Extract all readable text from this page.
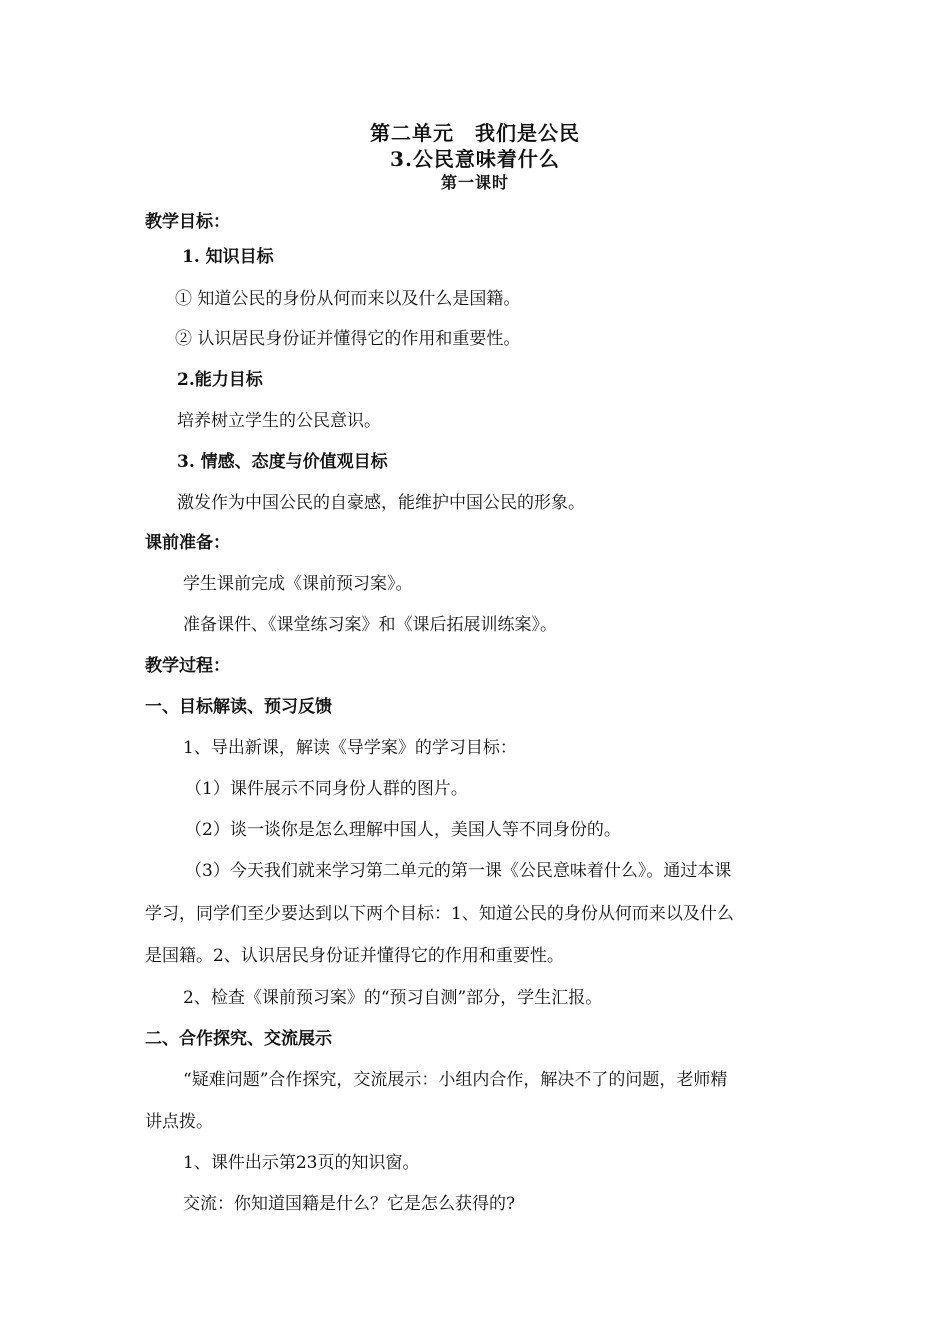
第二单元　我们是公民
3.公民意味着什么
第一课时
教学目标：
1. 知识目标
① 知道公民的身份从何而来以及什么是国籍。
② 认识居民身份证并懂得它的作用和重要性。
2.能力目标
培养树立学生的公民意识。
3. 情感、态度与价值观目标
激发作为中国公民的自豪感，能维护中国公民的形象。
课前准备：
学生课前完成《课前预习案》。
准备课件、《课堂练习案》和《课后拓展训练案》。
教学过程：
一、目标解读、预习反馈
1、导出新课，解读《导学案》的学习目标：
（1）课件展示不同身份人群的图片。
（2）谈一谈你是怎么理解中国人，美国人等不同身份的。
（3）今天我们就来学习第二单元的第一课《公民意味着什么》。通过本课
学习，同学们至少要达到以下两个目标：1、知道公民的身份从何而来以及什么
是国籍。2、认识居民身份证并懂得它的作用和重要性。
2、检查《课前预习案》的“预习自测”部分，学生汇报。
二、合作探究、交流展示
“疑难问题”合作探究，交流展示：小组内合作，解决不了的问题，老师精
讲点拨。
1、课件出示第23页的知识窗。
交流：你知道国籍是什么？它是怎么获得的?
